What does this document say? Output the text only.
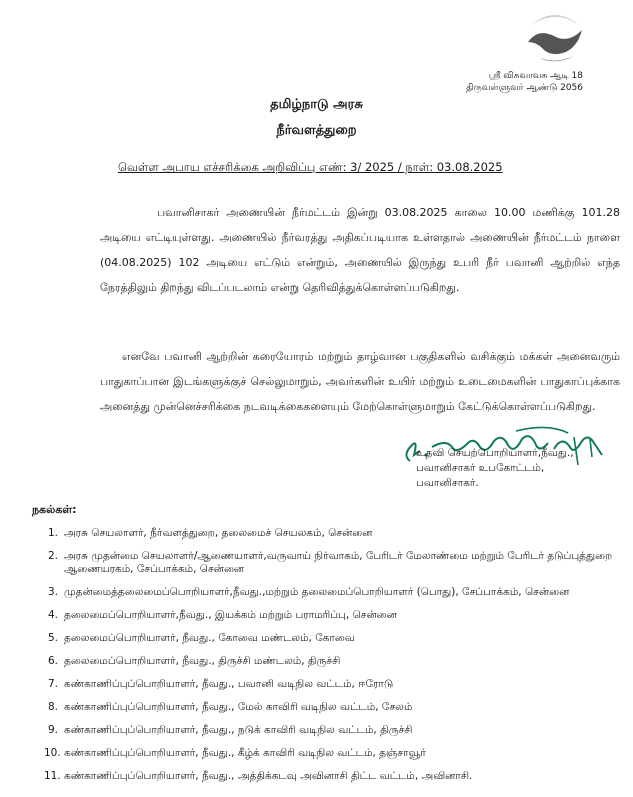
ஸ்ரீ விசுவாவசு ஆடி 18
திருவள்ளுவர் ஆண்டு 2056
தமிழ்நாடு அரசு
நீர்வளத்துறை
வெள்ள அபாய எச்சரிக்கை அறிவிப்பு எண்: 3/ 2025 / நாள்: 03.08.2025
பவானிசாகர் அணையின் நீர்மட்டம் இன்று 03.08.2025 காலை 10.00 மணிக்கு 101.28 அடியை எட்டியுள்ளது. அணையில் நீர்வரத்து அதிகப்படியாக உள்ளதால் அணையின் நீர்மட்டம் நாளை (04.08.2025) 102 அடியை எட்டும் என்றும், அணையில் இருந்து உபரி நீர் பவானி ஆற்றில் எந்த நேரத்திலும் திறந்து விடப்படலாம் என்று தெரிவித்துக்கொள்ளப்படுகிறது.
எனவே பவானி ஆற்றின் கரையோரம் மற்றும் தாழ்வான பகுதிகளில் வசிக்கும் மக்கள் அனைவரும் பாதுகாப்பான இடங்களுக்குச் செல்லுமாறும், அவர்களின் உயிர் மற்றும் உடைமைகளின் பாதுகாப்புக்காக அனைத்து முன்னெச்சரிக்கை நடவடிக்கைகளையும் மேற்கொள்ளுமாறும் கேட்டுக்கொள்ளப்படுகிறது.
உதவி செயற்பொறியாளர்,நீவது.,
பவானிசாகர் உபகோட்டம்,
பவானிசாகர்.
நகல்கள்:
1. அரசு செயலாளர், நீர்வளத்துறை, தலைமைச் செயலகம், சென்னை
2. அரசு முதன்மை செயலாளர்/ஆணையாளர்,வருவாய் நிர்வாகம், பேரிடர் மேலாண்மை மற்றும் பேரிடர் தடுப்புத்துறை ஆணையரகம், சேப்பாக்கம், சென்னை
3. முதன்மைத்தலைமைப்பொறியாளர்,நீவது.,மற்றும் தலைமைப்பொறியாளர் (பொது), சேப்பாக்கம், சென்னை
4. தலைமைப்பொறியாளர்,நீவது., இயக்கம் மற்றும் பராமரிப்பு, சென்னை
5. தலைமைப்பொறியாளர், நீவது., கோவை மண்டலம், கோவை
6. தலைமைப்பொறியாளர், நீவது., திருச்சி மண்டலம், திருச்சி
7. கண்காணிப்புப்பொறியாளர், நீவது., பவானி வடிநில வட்டம், ஈரோடு
8. கண்காணிப்புப்பொறியாளர், நீவது., மேல் காவிரி வடிநில வட்டம், சேலம்
9. கண்காணிப்புப்பொறியாளர், நீவது., நடுக் காவிரி வடிநில வட்டம், திருச்சி
10. கண்காணிப்புப்பொறியாளர், நீவது., கீழ்க் காவிரி வடிநில வட்டம், தஞ்சாவூர்
11. கண்காணிப்புப்பொறியாளர், நீவது., அத்திக்கடவு அவினாசி திட்ட வட்டம், அவினாசி.
